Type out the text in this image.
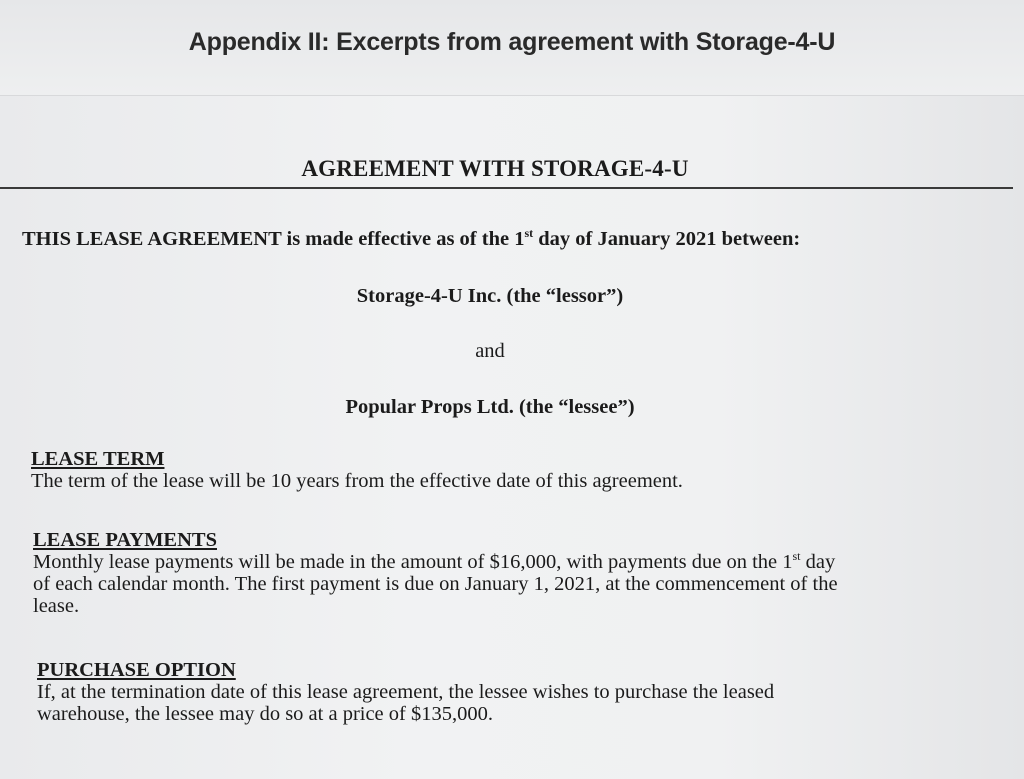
Appendix II: Excerpts from agreement with Storage-4-U
AGREEMENT WITH STORAGE-4-U
THIS LEASE AGREEMENT is made effective as of the 1st day of January 2021 between:
Storage-4-U Inc. (the “lessor”)
and
Popular Props Ltd. (the “lessee”)
LEASE TERM
The term of the lease will be 10 years from the effective date of this agreement.
LEASE PAYMENTS
Monthly lease payments will be made in the amount of $16,000, with payments due on the 1st day
of each calendar month. The first payment is due on January 1, 2021, at the commencement of the
lease.
PURCHASE OPTION
If, at the termination date of this lease agreement, the lessee wishes to purchase the leased
warehouse, the lessee may do so at a price of $135,000.
